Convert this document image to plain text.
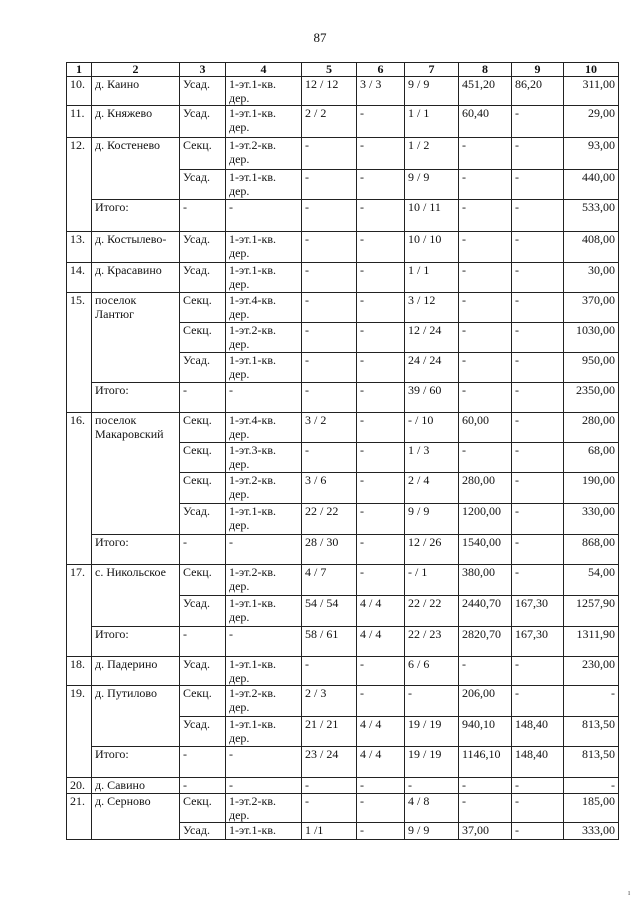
87
1	2	3	4	5	6	7	8	9	10
10.	д. Каино	Усад.	1-эт.1-кв. дер.	12 / 12	3 / 3	9 / 9	451,20	86,20	311,00
11.	д. Княжево	Усад.	1-эт.1-кв. дер.	2 / 2	-	1 / 1	60,40	-	29,00
12.	д. Костенево	Секц.	1-эт.2-кв. дер.	-	-	1 / 2	-	-	93,00
		Усад.	1-эт.1-кв. дер.	-	-	9 / 9	-	-	440,00
	Итого:	-	-	-	-	10 / 11	-	-	533,00
13.	д. Костылево-	Усад.	1-эт.1-кв. дер.	-	-	10 / 10	-	-	408,00
14.	д. Красавино	Усад.	1-эт.1-кв. дер.	-	-	1 / 1	-	-	30,00
15.	поселок Лантюг	Секц.	1-эт.4-кв. дер.	-	-	3 / 12	-	-	370,00
		Секц.	1-эт.2-кв. дер.	-	-	12 / 24	-	-	1030,00
		Усад.	1-эт.1-кв. дер.	-	-	24 / 24	-	-	950,00
	Итого:	-	-	-	-	39 / 60	-	-	2350,00
16.	поселок Макаровский	Секц.	1-эт.4-кв. дер.	3 / 2	-	- / 10	60,00	-	280,00
		Секц.	1-эт.3-кв. дер.	-	-	1 / 3	-	-	68,00
		Секц.	1-эт.2-кв. дер.	3 / 6	-	2 / 4	280,00	-	190,00
		Усад.	1-эт.1-кв. дер.	22 / 22	-	9 / 9	1200,00	-	330,00
	Итого:	-	-	28 / 30	-	12 / 26	1540,00	-	868,00
17.	с. Никольское	Секц.	1-эт.2-кв. дер.	4 / 7	-	- / 1	380,00	-	54,00
		Усад.	1-эт.1-кв. дер.	54 / 54	4 / 4	22 / 22	2440,70	167,30	1257,90
	Итого:	-	-	58 / 61	4 / 4	22 / 23	2820,70	167,30	1311,90
18.	д. Падерино	Усад.	1-эт.1-кв. дер.	-	-	6 / 6	-	-	230,00
19.	д. Путилово	Секц.	1-эт.2-кв. дер.	2 / 3	-	-	206,00	-	-
		Усад.	1-эт.1-кв. дер.	21 / 21	4 / 4	19 / 19	940,10	148,40	813,50
	Итого:	-	-	23 / 24	4 / 4	19 / 19	1146,10	148,40	813,50
20.	д. Савино	-	-	-	-	-	-	-	-
21.	д. Серново	Секц.	1-эт.2-кв. дер.	-	-	4 / 8	-	-	185,00
		Усад.	1-эт.1-кв.	1 /1	-	9 / 9	37,00	-	333,00
ı
